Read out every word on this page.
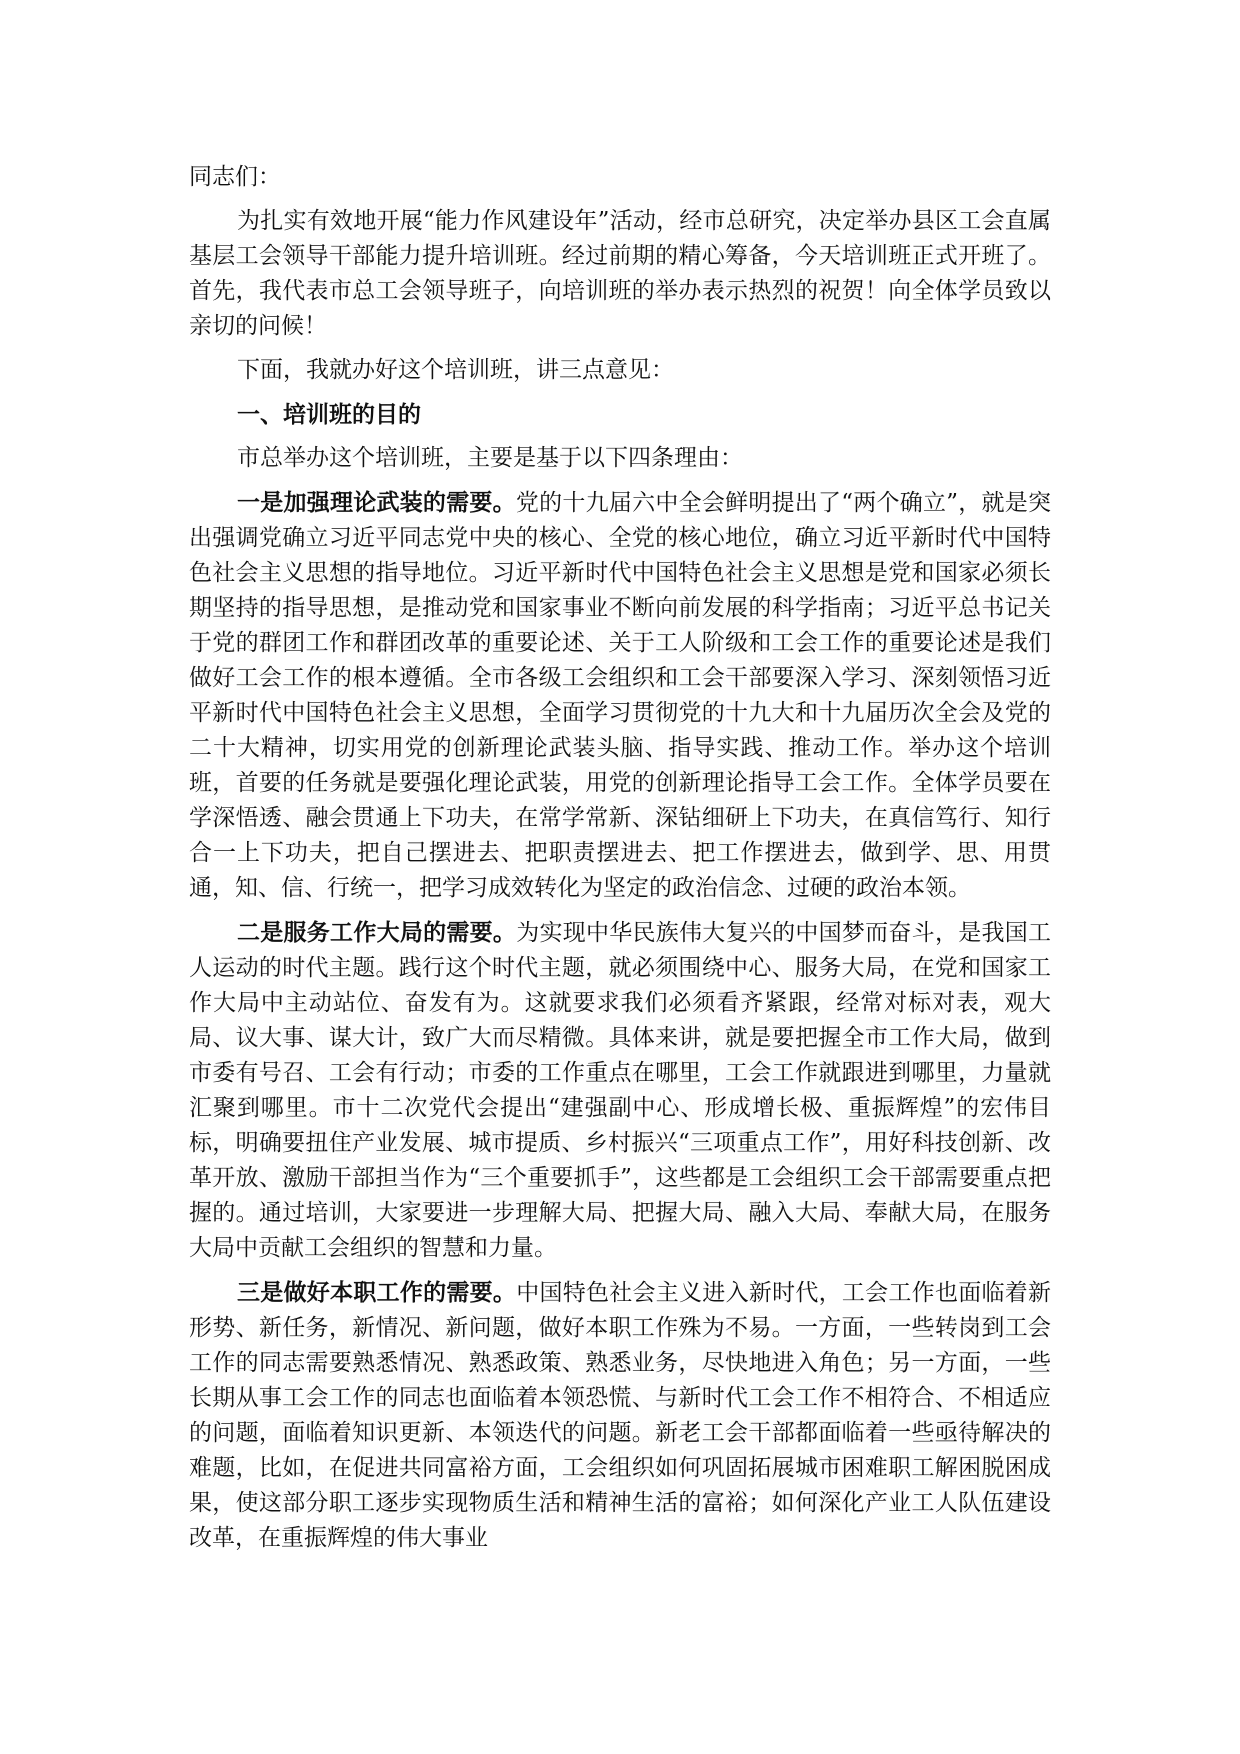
同志们：

为扎实有效地开展“能力作风建设年”活动，经市总研究，决定举办县区工会直属基层工会领导干部能力提升培训班。经过前期的精心筹备，今天培训班正式开班了。首先，我代表市总工会领导班子，向培训班的举办表示热烈的祝贺！向全体学员致以亲切的问候！

下面，我就办好这个培训班，讲三点意见：

一、培训班的目的

市总举办这个培训班，主要是基于以下四条理由：

一是加强理论武装的需要。党的十九届六中全会鲜明提出了“两个确立”，就是突出强调党确立习近平同志党中央的核心、全党的核心地位，确立习近平新时代中国特色社会主义思想的指导地位。习近平新时代中国特色社会主义思想是党和国家必须长期坚持的指导思想，是推动党和国家事业不断向前发展的科学指南；习近平总书记关于党的群团工作和群团改革的重要论述、关于工人阶级和工会工作的重要论述是我们做好工会工作的根本遵循。全市各级工会组织和工会干部要深入学习、深刻领悟习近平新时代中国特色社会主义思想，全面学习贯彻党的十九大和十九届历次全会及党的二十大精神，切实用党的创新理论武装头脑、指导实践、推动工作。举办这个培训班，首要的任务就是要强化理论武装，用党的创新理论指导工会工作。全体学员要在学深悟透、融会贯通上下功夫，在常学常新、深钻细研上下功夫，在真信笃行、知行合一上下功夫，把自己摆进去、把职责摆进去、把工作摆进去，做到学、思、用贯通，知、信、行统一，把学习成效转化为坚定的政治信念、过硬的政治本领。

二是服务工作大局的需要。为实现中华民族伟大复兴的中国梦而奋斗，是我国工人运动的时代主题。践行这个时代主题，就必须围绕中心、服务大局，在党和国家工作大局中主动站位、奋发有为。这就要求我们必须看齐紧跟，经常对标对表，观大局、议大事、谋大计，致广大而尽精微。具体来讲，就是要把握全市工作大局，做到市委有号召、工会有行动；市委的工作重点在哪里，工会工作就跟进到哪里，力量就汇聚到哪里。市十二次党代会提出“建强副中心、形成增长极、重振辉煌”的宏伟目标，明确要扭住产业发展、城市提质、乡村振兴“三项重点工作”，用好科技创新、改革开放、激励干部担当作为“三个重要抓手”，这些都是工会组织工会干部需要重点把握的。通过培训，大家要进一步理解大局、把握大局、融入大局、奉献大局，在服务大局中贡献工会组织的智慧和力量。

三是做好本职工作的需要。中国特色社会主义进入新时代，工会工作也面临着新形势、新任务，新情况、新问题，做好本职工作殊为不易。一方面，一些转岗到工会工作的同志需要熟悉情况、熟悉政策、熟悉业务，尽快地进入角色；另一方面，一些长期从事工会工作的同志也面临着本领恐慌、与新时代工会工作不相符合、不相适应的问题，面临着知识更新、本领迭代的问题。新老工会干部都面临着一些亟待解决的难题，比如，在促进共同富裕方面，工会组织如何巩固拓展城市困难职工解困脱困成果，使这部分职工逐步实现物质生活和精神生活的富裕；如何深化产业工人队伍建设改革，在重振辉煌的伟大事业
